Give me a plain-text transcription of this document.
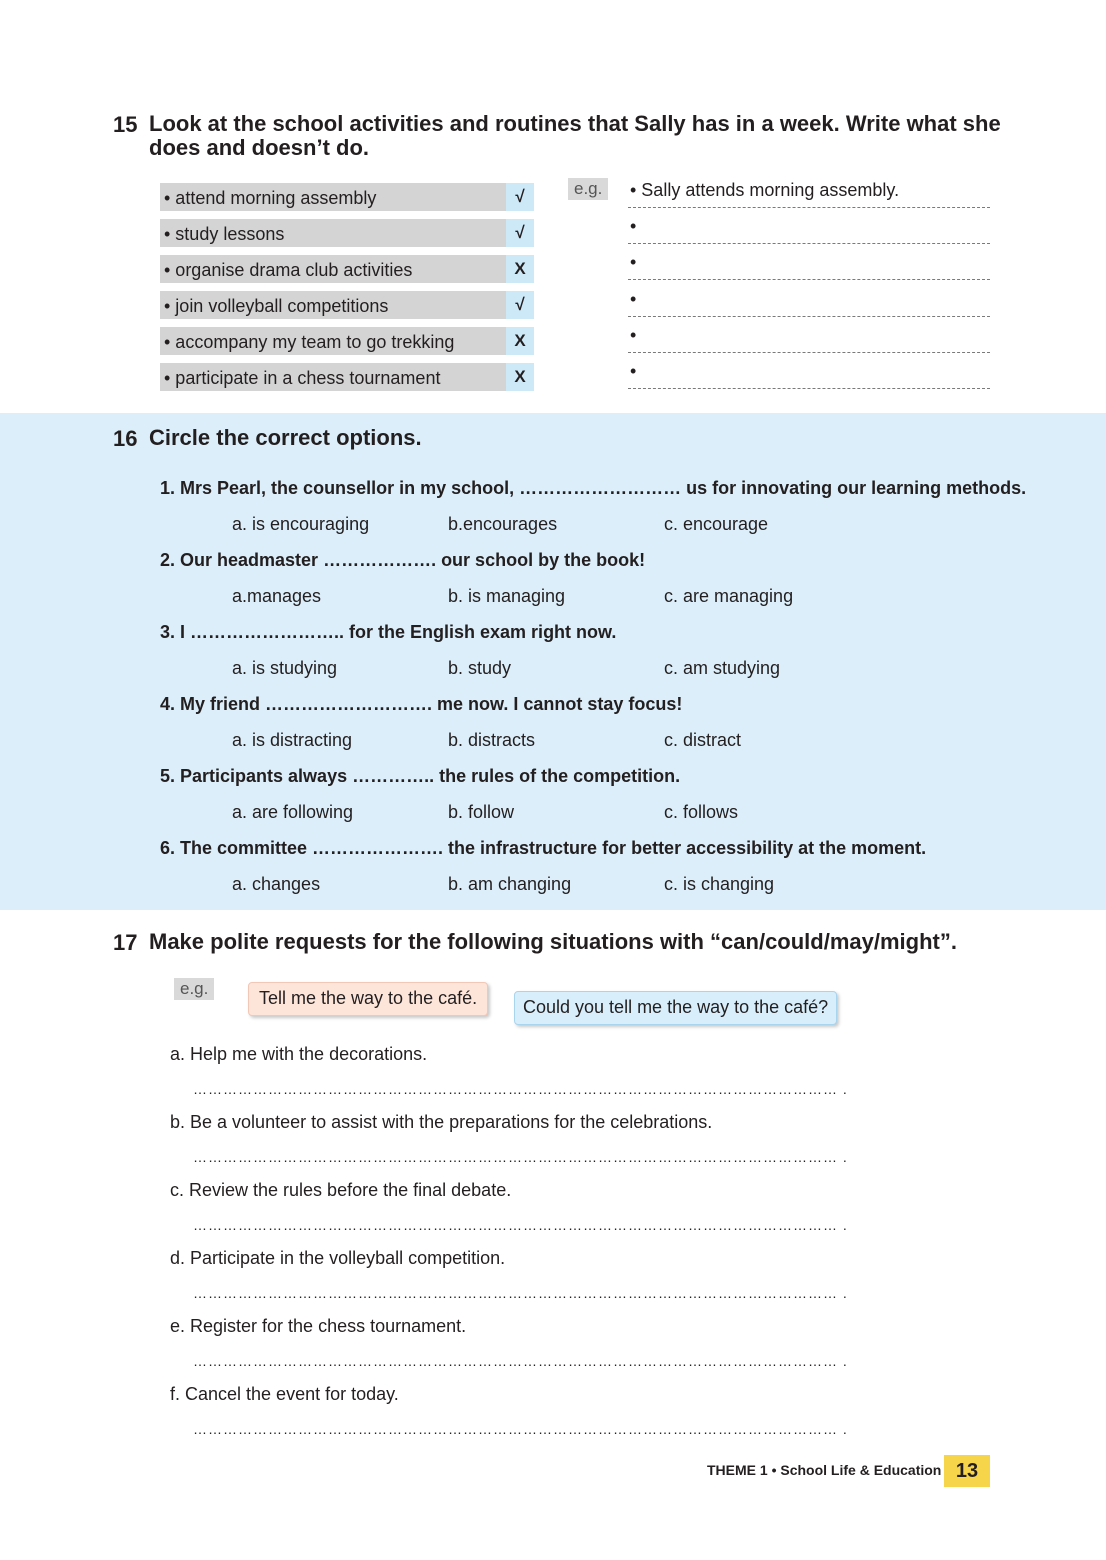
15 Look at the school activities and routines that Sally has in a week. Write what she
does and doesn’t do.
• attend morning assembly	√
• study lessons	√
• organise drama club activities	X
• join volleyball competitions	√
• accompany my team to go trekking	X
• participate in a chess tournament	X
e.g.	• Sally attends morning assembly.
•
•
•
•
•
16 Circle the correct options.
1. Mrs Pearl, the counsellor in my school, ……………………… us for innovating our learning methods.
a. is encouraging	b.encourages	c. encourage
2. Our headmaster ………………. our school by the book!
a.manages	b. is managing	c. are managing
3. I …………………….. for the English exam right now.
a. is studying	b. study	c. am studying
4. My friend ………………………. me now. I cannot stay focus!
a. is distracting	b. distracts	c. distract
5. Participants always ………….. the rules of the competition.
a. are following	b. follow	c. follows
6. The committee …………………. the infrastructure for better accessibility at the moment.
a. changes	b. am changing	c. is changing
17 Make polite requests for the following situations with “can/could/may/might”.
e.g.	Tell me the way to the café.	Could you tell me the way to the café?
a. Help me with the decorations.
………………………………………………………………………………………………………………… .
b. Be a volunteer to assist with the preparations for the celebrations.
………………………………………………………………………………………………………………… .
c. Review the rules before the final debate.
………………………………………………………………………………………………………………… .
d. Participate in the volleyball competition.
………………………………………………………………………………………………………………… .
e. Register for the chess tournament.
………………………………………………………………………………………………………………… .
f. Cancel the event for today.
………………………………………………………………………………………………………………… .
THEME 1 • School Life & Education 13
